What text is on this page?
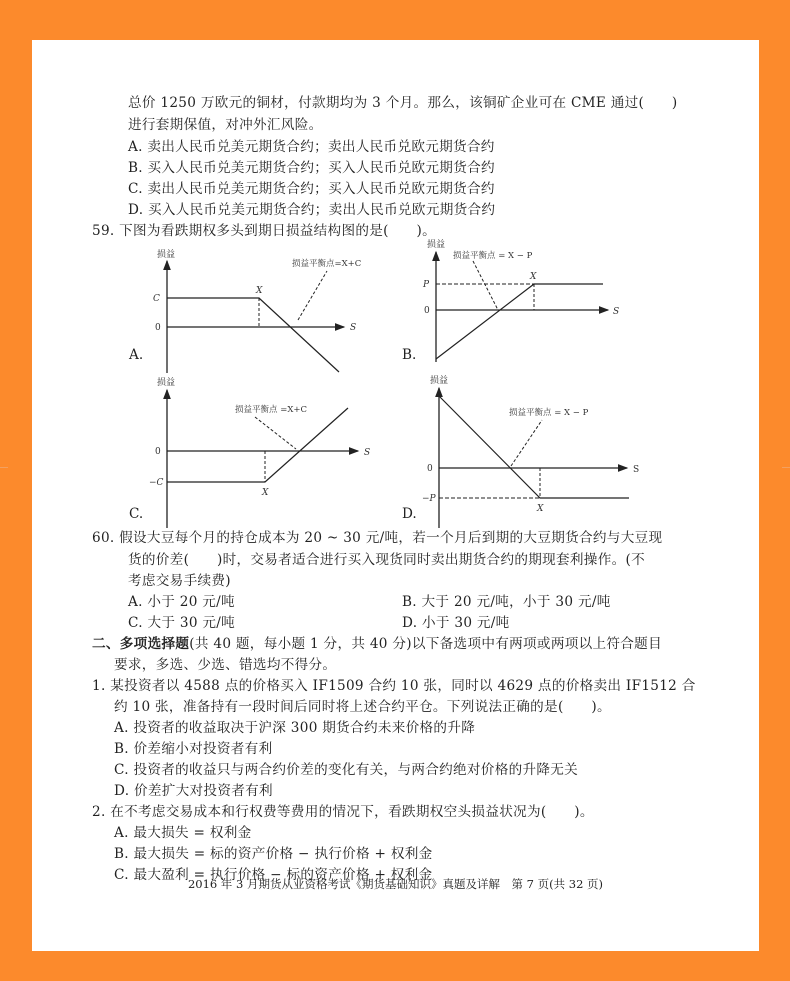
总价 1250 万欧元的铜材，付款期均为 3 个月。那么，该铜矿企业可在 CME 通过(　　)
进行套期保值，对冲外汇风险。
A. 卖出人民币兑美元期货合约；卖出人民币兑欧元期货合约
B. 买入人民币兑美元期货合约；买入人民币兑欧元期货合约
C. 卖出人民币兑美元期货合约；买入人民币兑欧元期货合约
D. 买入人民币兑美元期货合约；卖出人民币兑欧元期货合约
59. 下图为看跌期权多头到期日损益结构图的是(　　)。
损益
S
C
0
X
损益平衡点=X+C
A.
损益
S
P
0
X
损益平衡点 = X − P
B.
损益
S
0
−C
X
损益平衡点 =X+C
C.
损益
S
0
−P
X
损益平衡点 = X − P
D.
60. 假设大豆每个月的持仓成本为 20 ~ 30 元/吨，若一个月后到期的大豆期货合约与大豆现
货的价差(　　)时，交易者适合进行买入现货同时卖出期货合约的期现套利操作。(不
考虑交易手续费)
A. 小于 20 元/吨	B. 大于 20 元/吨，小于 30 元/吨
C. 大于 30 元/吨	D. 小于 30 元/吨
二、多项选择题(共 40 题，每小题 1 分，共 40 分)以下备选项中有两项或两项以上符合题目
要求，多选、少选、错选均不得分。
1. 某投资者以 4588 点的价格买入 IF1509 合约 10 张，同时以 4629 点的价格卖出 IF1512 合
约 10 张，准备持有一段时间后同时将上述合约平仓。下列说法正确的是(　　)。
A. 投资者的收益取决于沪深 300 期货合约未来价格的升降
B. 价差缩小对投资者有利
C. 投资者的收益只与两合约价差的变化有关，与两合约绝对价格的升降无关
D. 价差扩大对投资者有利
2. 在不考虑交易成本和行权费等费用的情况下，看跌期权空头损益状况为(　　)。
A. 最大损失 = 权利金
B. 最大损失 = 标的资产价格 − 执行价格 + 权利金
C. 最大盈利 = 执行价格 − 标的资产价格 + 权利金
2016 年 3 月期货从业资格考试《期货基础知识》真题及详解　第 7 页(共 32 页)
